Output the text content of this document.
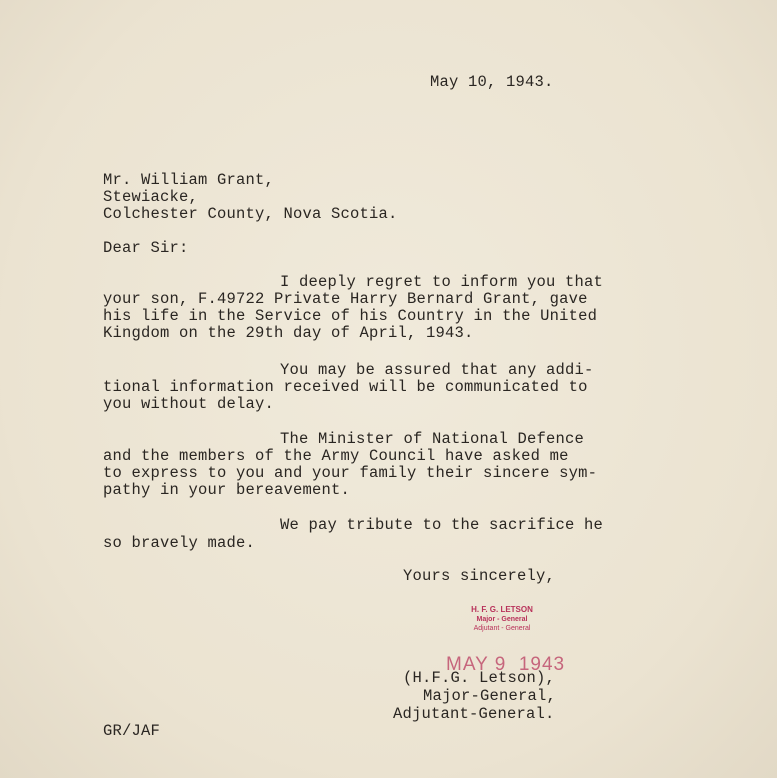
May 10, 1943.
Mr. William Grant,
Stewiacke,
Colchester County, Nova Scotia.
Dear Sir:
I deeply regret to inform you that
your son, F.49722 Private Harry Bernard Grant, gave
his life in the Service of his Country in the United
Kingdom on the 29th day of April, 1943.
You may be assured that any addi-
tional information received will be communicated to
you without delay.
The Minister of National Defence
and the members of the Army Council have asked me
to express to you and your family their sincere sym-
pathy in your bereavement.
We pay tribute to the sacrifice he
so bravely made.
Yours sincerely,
H. F. G. LETSON
Major - General
Adjutant - General
MAY 9  1943
(H.F.G. Letson),
Major-General,
Adjutant-General.
GR/JAF
